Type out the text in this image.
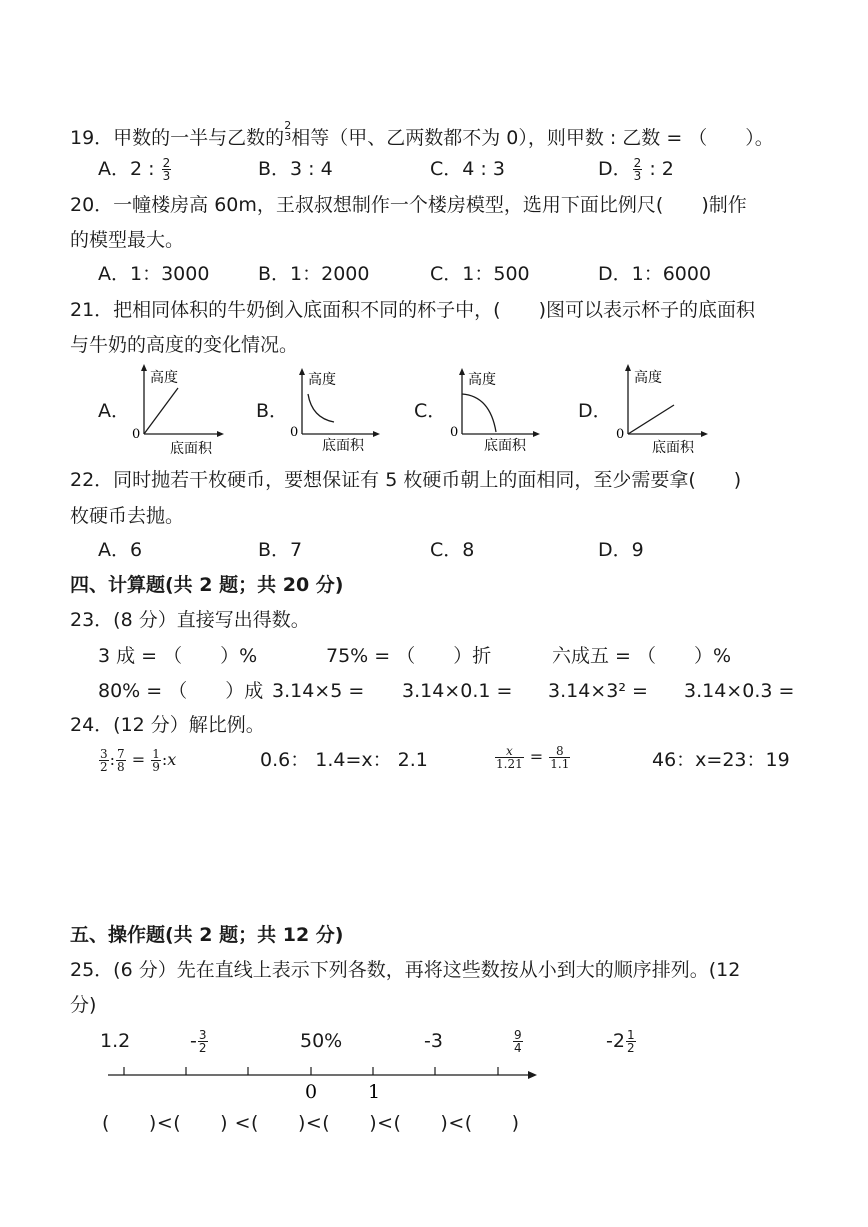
19．甲数的一半与乙数的
2
3 相等（甲、乙两数都不为 0），则甲数 : 乙数 = （　　）。
A．2 : $\frac{2}{3}$	B．3 : 4	C．4 : 3	D． $\frac{2}{3}$ : 2
20．一幢楼房高 60m，王叔叔想制作一个楼房模型，选用下面比例尺(　　)制作
的模型最大。
A．1：3000	B．1：2000	C．1：500	D．1：6000
21．把相同体积的牛奶倒入底面积不同的杯子中，(　　)图可以表示杯子的底面积
与牛奶的高度的变化情况。
A．	B．	C．	D．
高度
0
底面积
高度
0
底面积
高度
0
底面积
高度
0
底面积
22．同时抛若干枚硬币，要想保证有 5 枚硬币朝上的面相同，至少需要拿(　　)
枚硬币去抛。
A．6	B．7	C．8	D．9
四、计算题(共 2 题；共 20 分)
23．(8 分）直接写出得数。
3 成 = （　　）%	75% = （　　）折	六成五 = （　　）%
80% = （　　）成 3.14×5 = 3.14×0.1 = 3.14×3² = 3.14×0.3 =
24．(12 分）解比例。
$\frac{3}{2}$ : $\frac{7}{8} = \frac{1}{9}$ :x	0.6： 1.4=x： 2.1	$\frac{x}{1.21} = \frac{8}{1.1}$	46：x=23：19
五、操作题(共 2 题；共 12 分)
25．(6 分）先在直线上表示下列各数，再将这些数按从小到大的顺序排列。(12
分)
1.2	- $\frac{3}{2}$	50%	-3	$\frac{9}{4}$	$-2 \frac{1}{2}$
0	1
(　　)<(　　) <(　　)<(　　)<(　　)<(　　)
